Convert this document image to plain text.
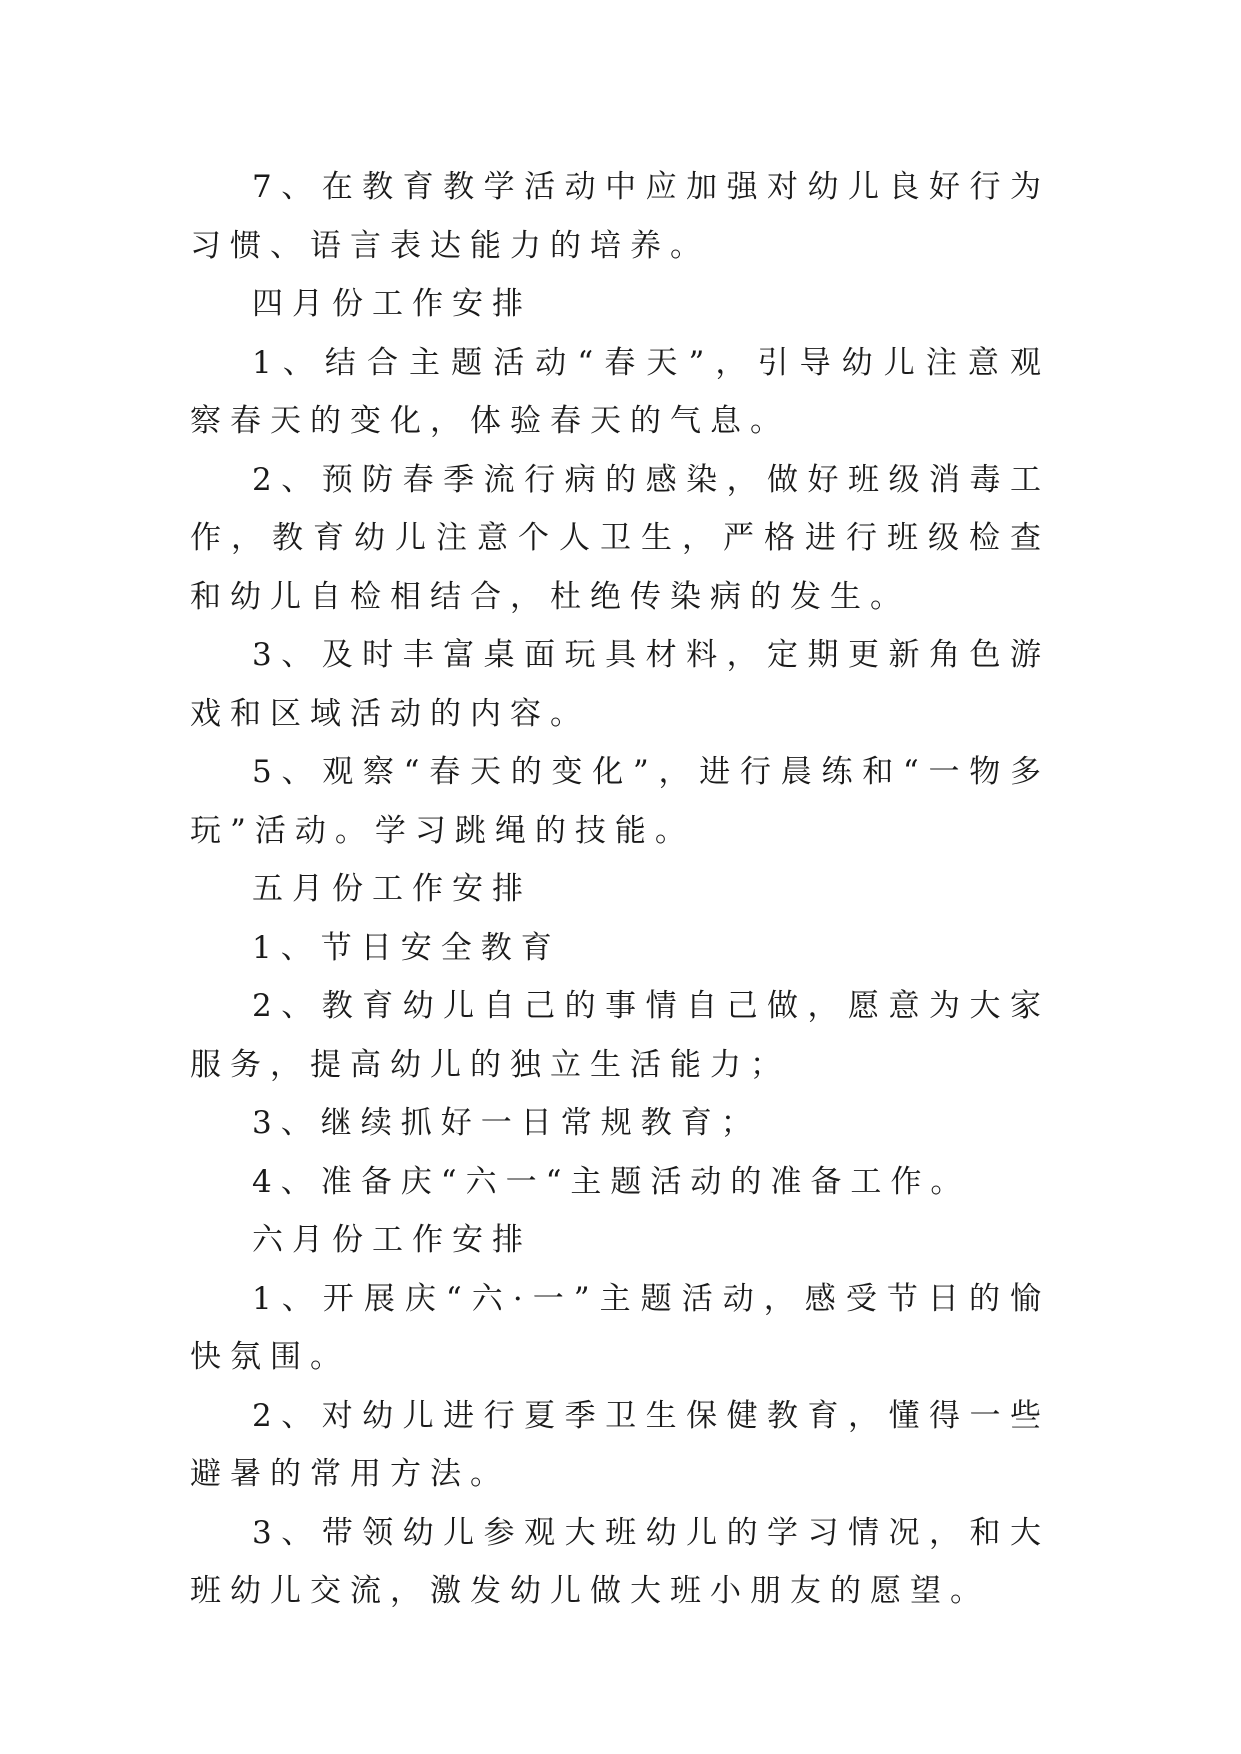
7、在教育教学活动中应加强对幼儿良好行为习惯、语言表达能力的培养。

四月份工作安排

1、结合主题活动“春天”，引导幼儿注意观察春天的变化，体验春天的气息。

2、预防春季流行病的感染，做好班级消毒工作，教育幼儿注意个人卫生，严格进行班级检查和幼儿自检相结合，杜绝传染病的发生。

3、及时丰富桌面玩具材料，定期更新角色游戏和区域活动的内容。

5、观察“春天的变化”，进行晨练和“一物多玩”活动。学习跳绳的技能。

五月份工作安排

1、节日安全教育

2、教育幼儿自己的事情自己做，愿意为大家服务，提高幼儿的独立生活能力；

3、继续抓好一日常规教育；

4、准备庆“六一“主题活动的准备工作。

六月份工作安排

1、开展庆“六·一”主题活动，感受节日的愉快氛围。

2、对幼儿进行夏季卫生保健教育，懂得一些避暑的常用方法。

3、带领幼儿参观大班幼儿的学习情况，和大班幼儿交流，激发幼儿做大班小朋友的愿望。
